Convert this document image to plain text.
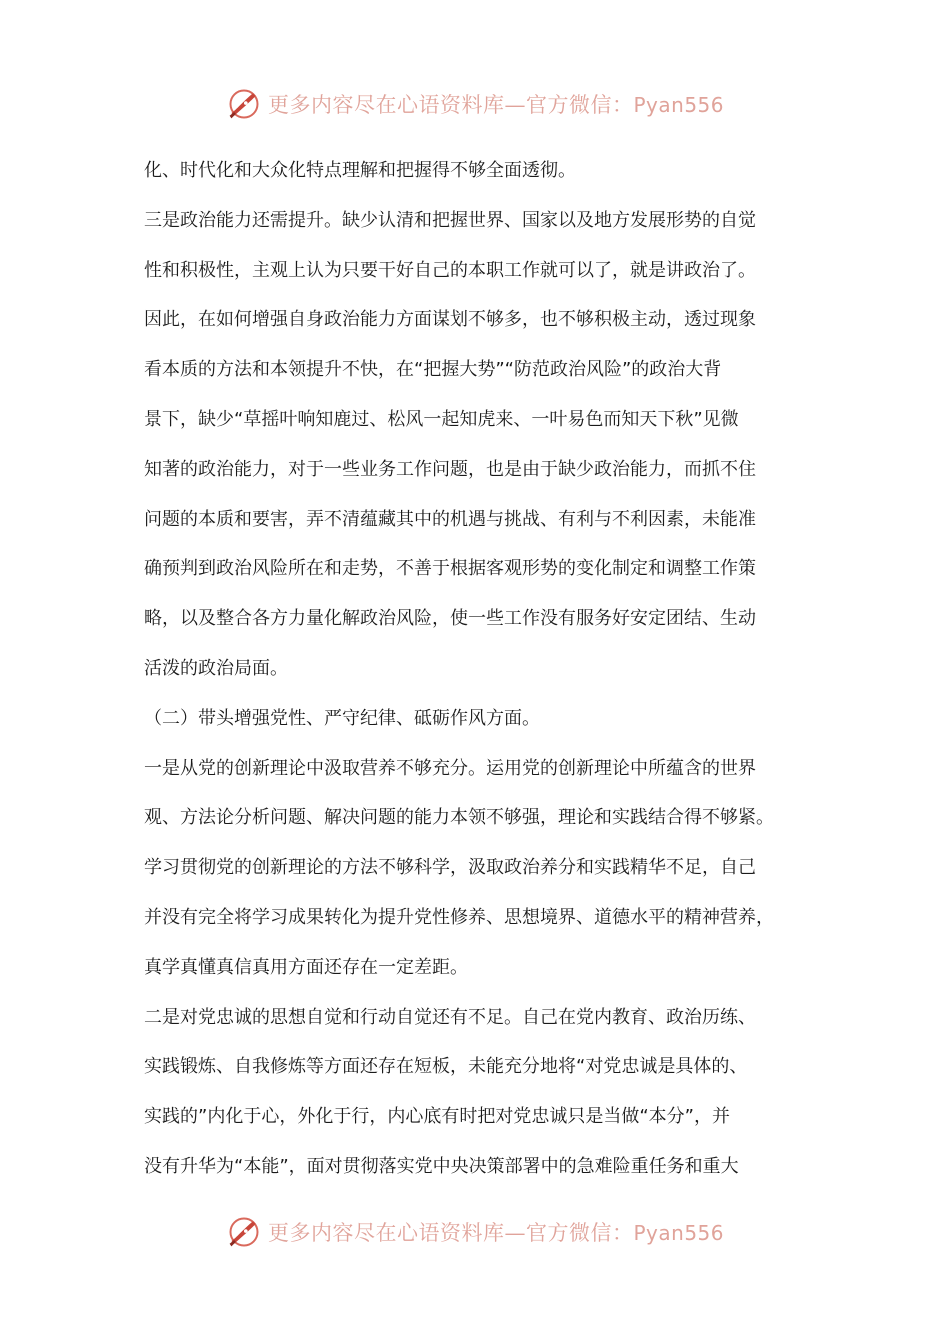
更多内容尽在心语资料库—官方微信：Pyan556
化、时代化和大众化特点理解和把握得不够全面透彻。
三是政治能力还需提升。缺少认清和把握世界、国家以及地方发展形势的自觉
性和积极性，主观上认为只要干好自己的本职工作就可以了，就是讲政治了。
因此，在如何增强自身政治能力方面谋划不够多，也不够积极主动，透过现象
看本质的方法和本领提升不快，在“把握大势”“防范政治风险”的政治大背
景下，缺少“草摇叶响知鹿过、松风一起知虎来、一叶易色而知天下秋”见微
知著的政治能力，对于一些业务工作问题，也是由于缺少政治能力，而抓不住
问题的本质和要害，弄不清蕴藏其中的机遇与挑战、有利与不利因素，未能准
确预判到政治风险所在和走势，不善于根据客观形势的变化制定和调整工作策
略，以及整合各方力量化解政治风险，使一些工作没有服务好安定团结、生动
活泼的政治局面。
（二）带头增强党性、严守纪律、砥砺作风方面。
一是从党的创新理论中汲取营养不够充分。运用党的创新理论中所蕴含的世界
观、方法论分析问题、解决问题的能力本领不够强，理论和实践结合得不够紧。
学习贯彻党的创新理论的方法不够科学，汲取政治养分和实践精华不足，自己
并没有完全将学习成果转化为提升党性修养、思想境界、道德水平的精神营养，
真学真懂真信真用方面还存在一定差距。
二是对党忠诚的思想自觉和行动自觉还有不足。自己在党内教育、政治历练、
实践锻炼、自我修炼等方面还存在短板，未能充分地将“对党忠诚是具体的、
实践的”内化于心，外化于行，内心底有时把对党忠诚只是当做“本分”，并
没有升华为“本能”，面对贯彻落实党中央决策部署中的急难险重任务和重大
更多内容尽在心语资料库—官方微信：Pyan556
